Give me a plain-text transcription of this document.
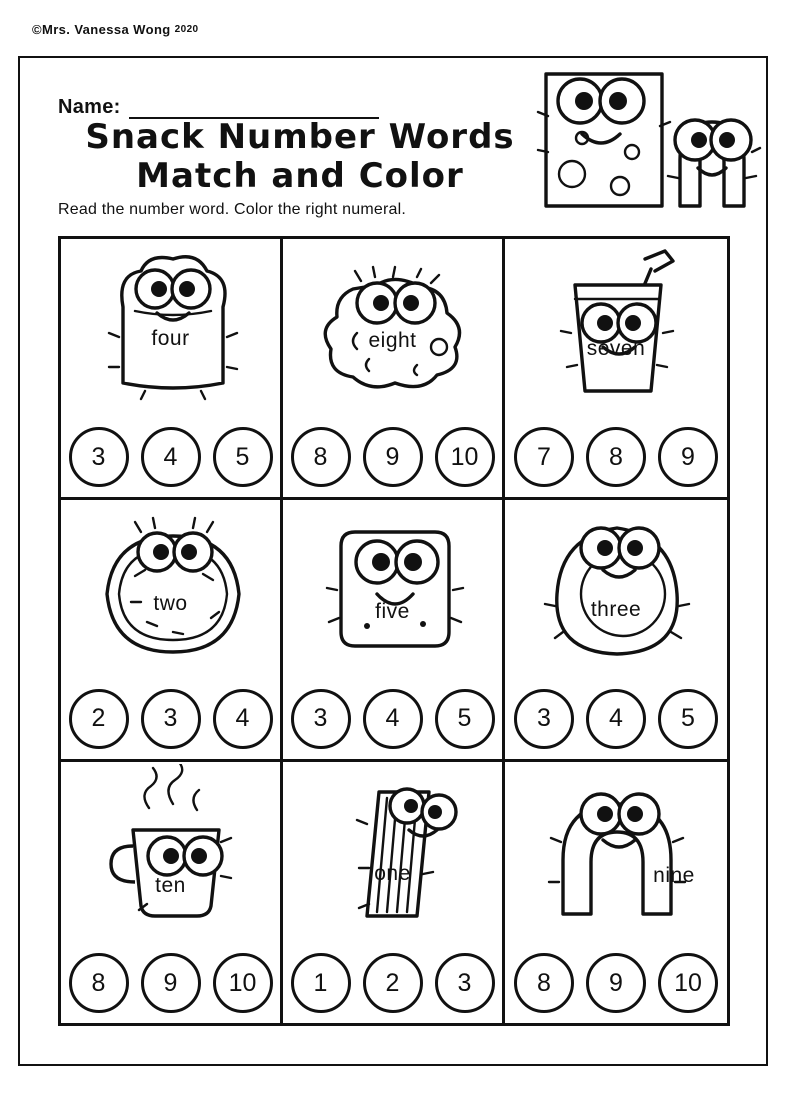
©Mrs. Vanessa Wong 2020
Name:
Snack Number Words
Match and Color
Read the number word. Color the right numeral.
four
3	4	5
eight
8	9	10
seven
7	8	9
two
2	3	4
five
3	4	5
three
3	4	5
ten
8	9	10
one
1	2	3
nine
8	9	10
